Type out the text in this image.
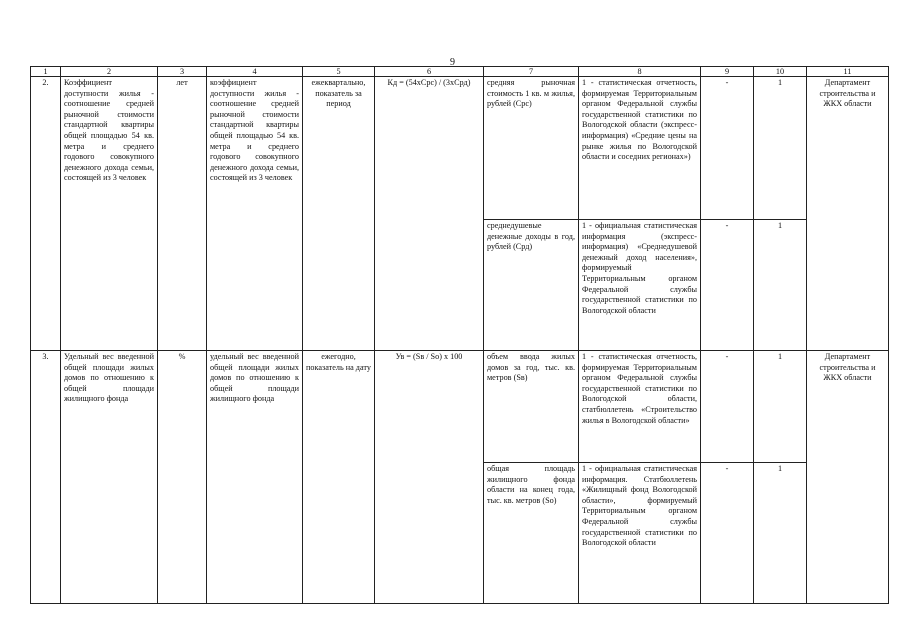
9
1	2	3	4	5	6	7	8	9	10	11
2.	Коэффициент доступности жилья - соотношение средней рыночной стоимости стандартной квартиры общей площадью 54 кв. метра и среднего годового совокупного денежного дохода семьи, состоящей из 3 человек	лет	коэффициент доступности жилья - соотношение средней рыночной стоимости стандартной квартиры общей площадью 54 кв. метра и среднего годового совокупного денежного дохода семьи, состоящей из 3 человек	ежеквартально, показатель за период	Кд = (54хСрс) / (3хСрд)	средняя рыночная стоимость 1 кв. м жилья, рублей (Срс)	1 - статистическая отчетность, формируемая Территориальным органом Федеральной службы государственной статистики по Вологодской области (экспресс-информация) «Средние цены на рынке жилья по Вологодской области и соседних регионах»)	-	1	Департамент строительства и ЖКХ области
						среднедушевые денежные доходы в год, рублей (Срд)	1 - официальная статистическая информация (экспресс-информация) «Среднедушевой денежный доход населения», формируемый Территориальным органом Федеральной службы государственной статистики по Вологодской области	-	1	
3.	Удельный вес введенной общей площади жилых домов по отношению к общей площади жилищного фонда	%	удельный вес введенной общей площади жилых домов по отношению к общей площади жилищного фонда	ежегодно, показатель на дату	Ув = (Sв / Sо) х 100	объем ввода жилых домов за год, тыс. кв. метров (Sв)	1 - статистическая отчетность, формируемая Территориальным органом Федеральной службы государственной статистики по Вологодской области, статбюллетень «Строительство жилья в Вологодской области»	-	1	Департамент строительства и ЖКХ области
						общая площадь жилищного фонда области на конец года, тыс. кв. метров (Sо)	1 - официальная статистическая информация. Статбюллетень «Жилищный фонд Вологодской области», формируемый Территориальным органом Федеральной службы государственной статистики по Вологодской области	-	1	
